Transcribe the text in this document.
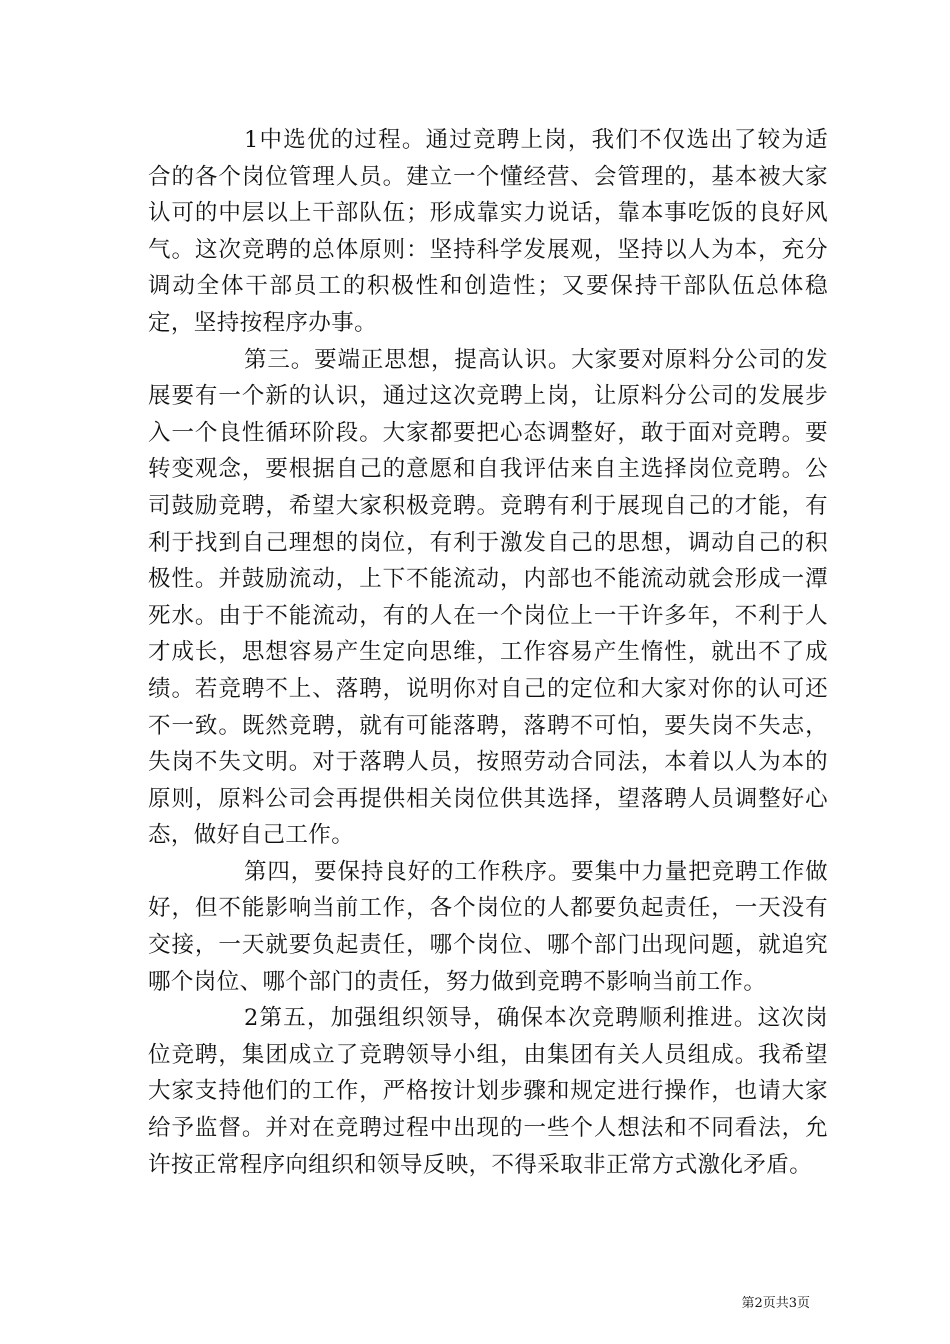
1中选优的过程。通过竞聘上岗，我们不仅选出了较为适合的各个岗位管理人员。建立一个懂经营、会管理的，基本被大家认可的中层以上干部队伍；形成靠实力说话，靠本事吃饭的良好风气。这次竞聘的总体原则：坚持科学发展观，坚持以人为本，充分调动全体干部员工的积极性和创造性；又要保持干部队伍总体稳定，坚持按程序办事。

第三。要端正思想，提高认识。大家要对原料分公司的发展要有一个新的认识，通过这次竞聘上岗，让原料分公司的发展步入一个良性循环阶段。大家都要把心态调整好，敢于面对竞聘。要转变观念，要根据自己的意愿和自我评估来自主选择岗位竞聘。公司鼓励竞聘，希望大家积极竞聘。竞聘有利于展现自己的才能，有利于找到自己理想的岗位，有利于激发自己的思想，调动自己的积极性。并鼓励流动，上下不能流动，内部也不能流动就会形成一潭死水。由于不能流动，有的人在一个岗位上一干许多年，不利于人才成长，思想容易产生定向思维，工作容易产生惰性，就出不了成绩。若竞聘不上、落聘，说明你对自己的定位和大家对你的认可还不一致。既然竞聘，就有可能落聘，落聘不可怕，要失岗不失志，失岗不失文明。对于落聘人员，按照劳动合同法，本着以人为本的原则，原料公司会再提供相关岗位供其选择，望落聘人员调整好心态，做好自己工作。

第四，要保持良好的工作秩序。要集中力量把竞聘工作做好，但不能影响当前工作，各个岗位的人都要负起责任，一天没有交接，一天就要负起责任，哪个岗位、哪个部门出现问题，就追究哪个岗位、哪个部门的责任，努力做到竞聘不影响当前工作。

2第五，加强组织领导，确保本次竞聘顺利推进。这次岗位竞聘，集团成立了竞聘领导小组，由集团有关人员组成。我希望大家支持他们的工作，严格按计划步骤和规定进行操作，也请大家给予监督。并对在竞聘过程中出现的一些个人想法和不同看法，允许按正常程序向组织和领导反映，不得采取非正常方式激化矛盾。

第2页共3页
